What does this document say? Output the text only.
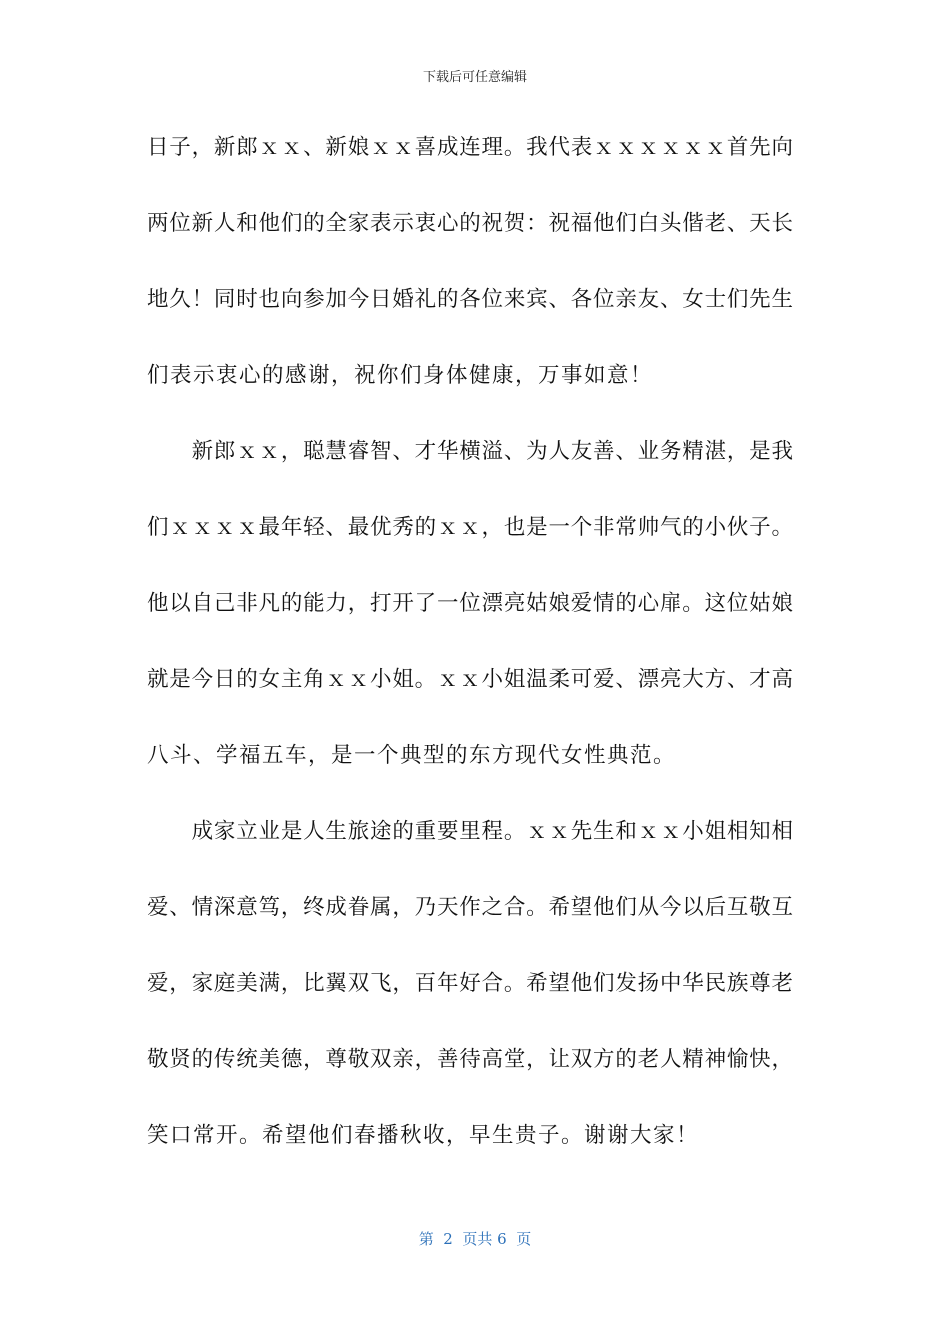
下载后可任意编辑
日子，新郎ｘｘ、新娘ｘｘ喜成连理。我代表ｘｘｘｘｘｘ首先向
两位新人和他们的全家表示衷心的祝贺：祝福他们白头偕老、天长
地久！同时也向参加今日婚礼的各位来宾、各位亲友、女士们先生
们表示衷心的感谢，祝你们身体健康，万事如意！
　　新郎ｘｘ，聪慧睿智、才华横溢、为人友善、业务精湛，是我
们ｘｘｘｘ最年轻、最优秀的ｘｘ，也是一个非常帅气的小伙子。
他以自己非凡的能力，打开了一位漂亮姑娘爱情的心扉。这位姑娘
就是今日的女主角ｘｘ小姐。ｘｘ小姐温柔可爱、漂亮大方、才高
八斗、学福五车，是一个典型的东方现代女性典范。
　　成家立业是人生旅途的重要里程。ｘｘ先生和ｘｘ小姐相知相
爱、情深意笃，终成眷属，乃天作之合。希望他们从今以后互敬互
爱，家庭美满，比翼双飞，百年好合。希望他们发扬中华民族尊老
敬贤的传统美德，尊敬双亲，善待高堂，让双方的老人精神愉快，
笑口常开。希望他们春播秋收，早生贵子。谢谢大家！
第  2  页共 6  页
